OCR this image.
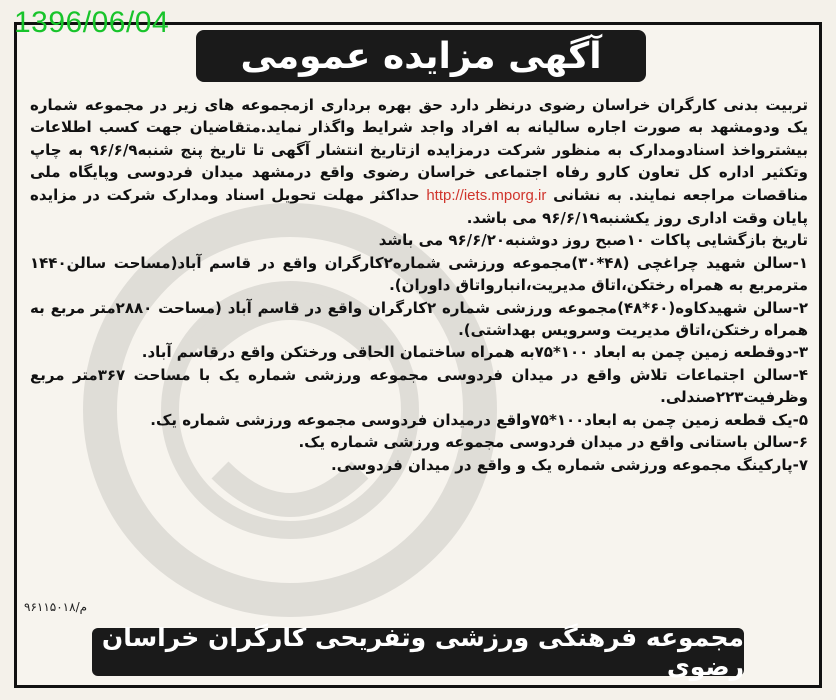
1396/06/04
آگهی مزایده عمومی

تربیت بدنی کارگران خراسان رضوی درنظر دارد حق بهره برداری ازمجموعه های زیر در مجموعه شماره یک ودومشهد به صورت اجاره سالیانه به افراد واجد شرایط واگذار نماید.متقاضیان جهت کسب اطلاعات بیشترواخذ اسنادومدارک به منظور شرکت درمزایده ازتاریخ انتشار آگهی تا تاریخ پنج شنبه۹۶/۶/۹ به چاپ وتکثیر اداره کل تعاون کارو رفاه اجتماعی خراسان رضوی واقع درمشهد میدان فردوسی وپایگاه ملی مناقصات مراجعه نمایند. به نشانی http://iets.mporg.ir حداکثر مهلت تحویل اسناد ومدارک شرکت در مزایده پایان وقت اداری روز یکشنبه۹۶/۶/۱۹ می باشد.

تاریخ بازگشایی پاکات ۱۰صبح روز دوشنبه۹۶/۶/۲۰ می باشد

۱-سالن شهید چراغچی (۴۸*۳۰)مجموعه ورزشی شماره۲کارگران واقع در قاسم آباد(مساحت سالن۱۴۴۰ مترمربع به همراه رختکن،اتاق مدیریت،انبارواتاق داوران).
۲-سالن شهیدکاوه(۶۰*۴۸)مجموعه ورزشی شماره ۲کارگران واقع در قاسم آباد (مساحت ۲۸۸۰متر مربع به همراه رختکن،اتاق مدیریت وسرویس بهداشتی).
۳-دوقطعه زمین چمن به ابعاد ۱۰۰*۷۵به همراه ساختمان الحاقی ورختکن واقع درقاسم آباد.
۴-سالن اجتماعات تلاش واقع در میدان فردوسی مجموعه ورزشی شماره یک با مساحت ۳۶۷متر مربع وظرفیت۲۲۳صندلی.
۵-یک قطعه زمین چمن به ابعاد۱۰۰*۷۵واقع درمیدان فردوسی مجموعه ورزشی شماره یک.
۶-سالن باستانی واقع در میدان فردوسی مجموعه ورزشی شماره یک.
۷-پارکینگ مجموعه ورزشی شماره یک و واقع در میدان فردوسی.
م/۹۶۱۱۵۰۱۸
مجموعه فرهنگی ورزشی وتفریحی کارگران خراسان رضوی
